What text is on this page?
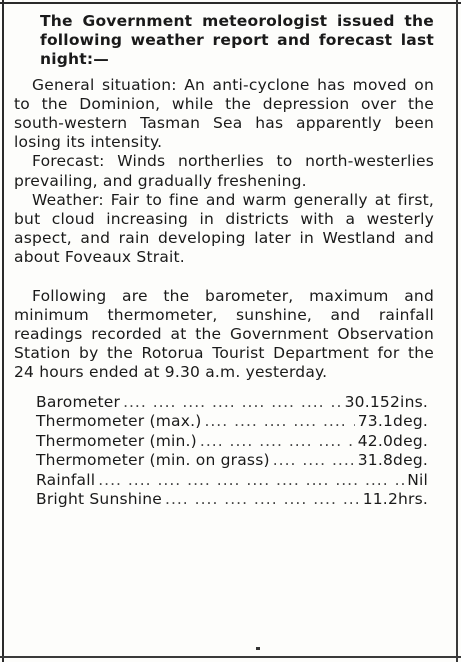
The Government meteorologist issued the following weather report and forecast last night:—

General situation: An anti-cyclone has moved on to the Dominion, while the depression over the south-western Tasman Sea has apparently been losing its intensity.

Forecast: Winds northerlies to north-westerlies prevailing, and gradually freshening.

Weather: Fair to fine and warm generally at first, but cloud increasing in districts with a westerly aspect, and rain developing later in Westland and about Foveaux Strait.

Following are the barometer, maximum and minimum thermometer, sunshine, and rainfall readings recorded at the Government Observation Station by the Rotorua Tourist Department for the 24 hours ended at 9.30 a.m. yesterday.

Barometer ....	30.152ins.
Thermometer (max.) ....	73.1deg.
Thermometer (min.) ....	42.0deg.
Thermometer (min. on grass) ....	31.8deg.
Rainfall ....	Nil
Bright Sunshine ....	11.2hrs.
